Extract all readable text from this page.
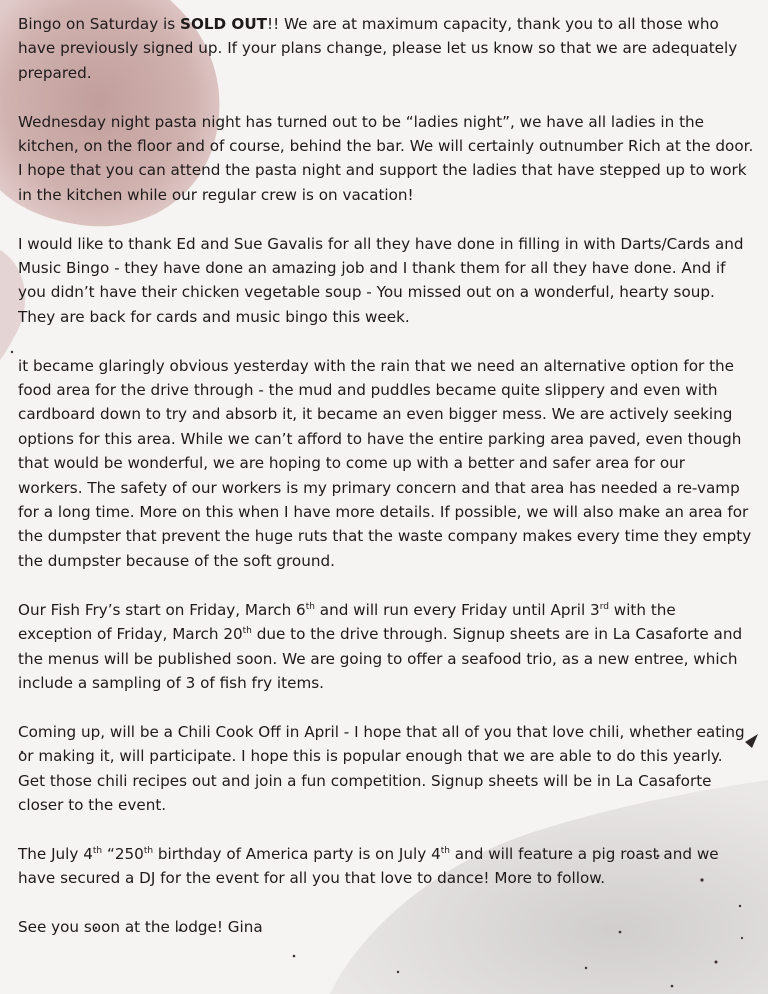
Bingo on Saturday is SOLD OUT!! We are at maximum capacity, thank you to all those who have previously signed up. If your plans change, please let us know so that we are adequately prepared.

Wednesday night pasta night has turned out to be “ladies night”, we have all ladies in the kitchen, on the floor and of course, behind the bar. We will certainly outnumber Rich at the door. I hope that you can attend the pasta night and support the ladies that have stepped up to work in the kitchen while our regular crew is on vacation!

I would like to thank Ed and Sue Gavalis for all they have done in filling in with Darts/Cards and Music Bingo - they have done an amazing job and I thank them for all they have done. And if you didn’t have their chicken vegetable soup - You missed out on a wonderful, hearty soup. They are back for cards and music bingo this week.

it became glaringly obvious yesterday with the rain that we need an alternative option for the food area for the drive through - the mud and puddles became quite slippery and even with cardboard down to try and absorb it, it became an even bigger mess. We are actively seeking options for this area. While we can’t afford to have the entire parking area paved, even though that would be wonderful, we are hoping to come up with a better and safer area for our workers. The safety of our workers is my primary concern and that area has needed a re-vamp for a long time. More on this when I have more details. If possible, we will also make an area for the dumpster that prevent the huge ruts that the waste company makes every time they empty the dumpster because of the soft ground.

Our Fish Fry’s start on Friday, March 6th and will run every Friday until April 3rd with the exception of Friday, March 20th due to the drive through. Signup sheets are in La Casaforte and the menus will be published soon. We are going to offer a seafood trio, as a new entree, which include a sampling of 3 of fish fry items.

Coming up, will be a Chili Cook Off in April - I hope that all of you that love chili, whether eating or making it, will participate. I hope this is popular enough that we are able to do this yearly. Get those chili recipes out and join a fun competition. Signup sheets will be in La Casaforte closer to the event.

The July 4th “250th birthday of America party is on July 4th and will feature a pig roast and we have secured a DJ for the event for all you that love to dance! More to follow.

See you soon at the lodge! Gina
